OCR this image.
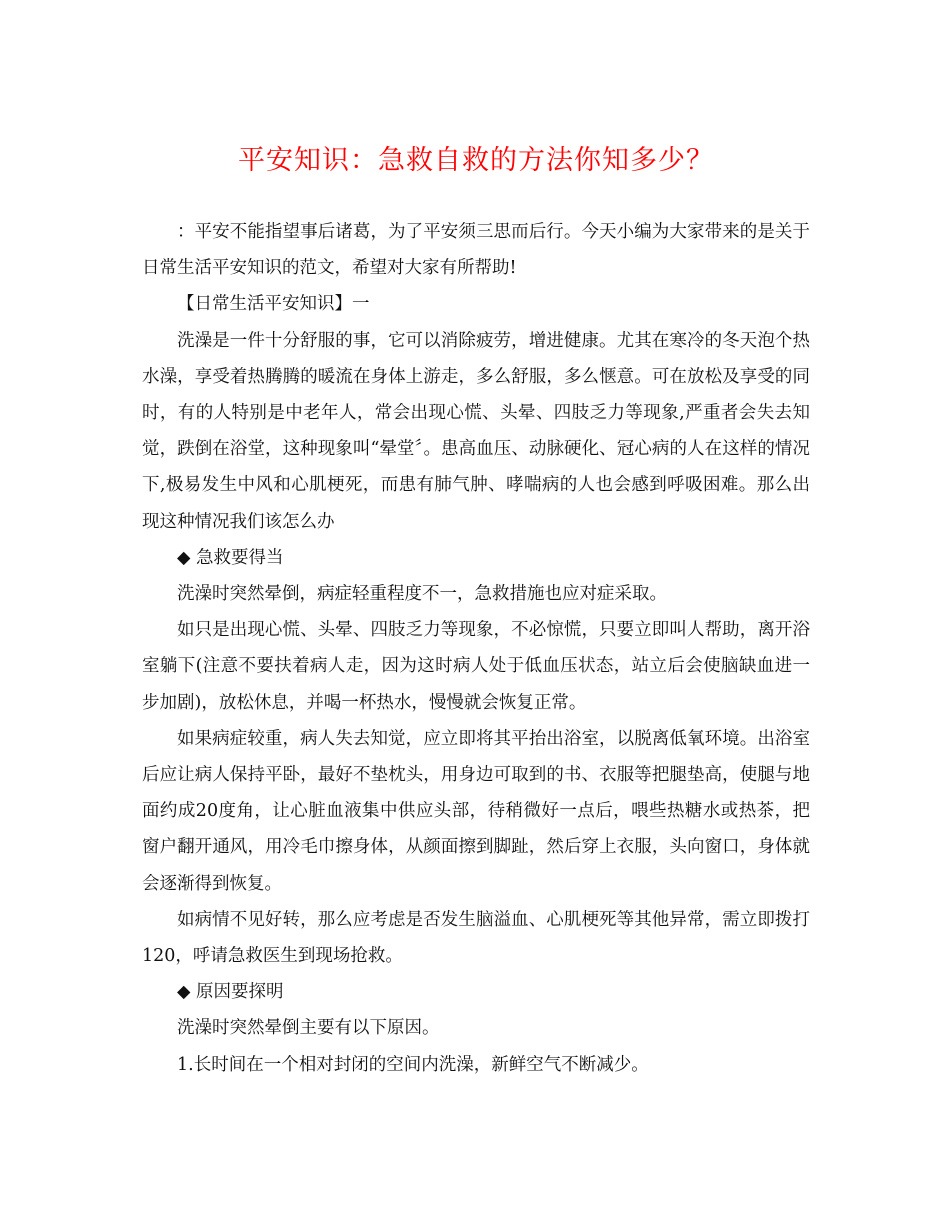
平安知识：急救自救的方法你知多少？

：平安不能指望事后诸葛，为了平安须三思而后行。今天小编为大家带来的是关于日常生活平安知识的范文，希望对大家有所帮助!

【日常生活平安知识】一

洗澡是一件十分舒服的事，它可以消除疲劳，增进健康。尤其在寒冷的冬天泡个热水澡，享受着热腾腾的暖流在身体上游走，多么舒服，多么惬意。可在放松及享受的同时，有的人特别是中老年人，常会出现心慌、头晕、四肢乏力等现象,严重者会失去知觉，跌倒在浴堂，这种现象叫“晕堂〞。患高血压、动脉硬化、冠心病的人在这样的情况下,极易发生中风和心肌梗死，而患有肺气肿、哮喘病的人也会感到呼吸困难。那么出现这种情况我们该怎么办

◆ 急救要得当

洗澡时突然晕倒，病症轻重程度不一，急救措施也应对症采取。

如只是出现心慌、头晕、四肢乏力等现象，不必惊慌，只要立即叫人帮助，离开浴室躺下(注意不要扶着病人走，因为这时病人处于低血压状态，站立后会使脑缺血进一步加剧)，放松休息，并喝一杯热水，慢慢就会恢复正常。

如果病症较重，病人失去知觉，应立即将其平抬出浴室，以脱离低氧环境。出浴室后应让病人保持平卧，最好不垫枕头，用身边可取到的书、衣服等把腿垫高，使腿与地面约成20度角，让心脏血液集中供应头部，待稍微好一点后，喂些热糖水或热茶，把窗户翻开通风，用冷毛巾擦身体，从颜面擦到脚趾，然后穿上衣服，头向窗口，身体就会逐渐得到恢复。

如病情不见好转，那么应考虑是否发生脑溢血、心肌梗死等其他异常，需立即拨打120，呼请急救医生到现场抢救。

◆ 原因要探明

洗澡时突然晕倒主要有以下原因。

1.长时间在一个相对封闭的空间内洗澡，新鲜空气不断减少。
